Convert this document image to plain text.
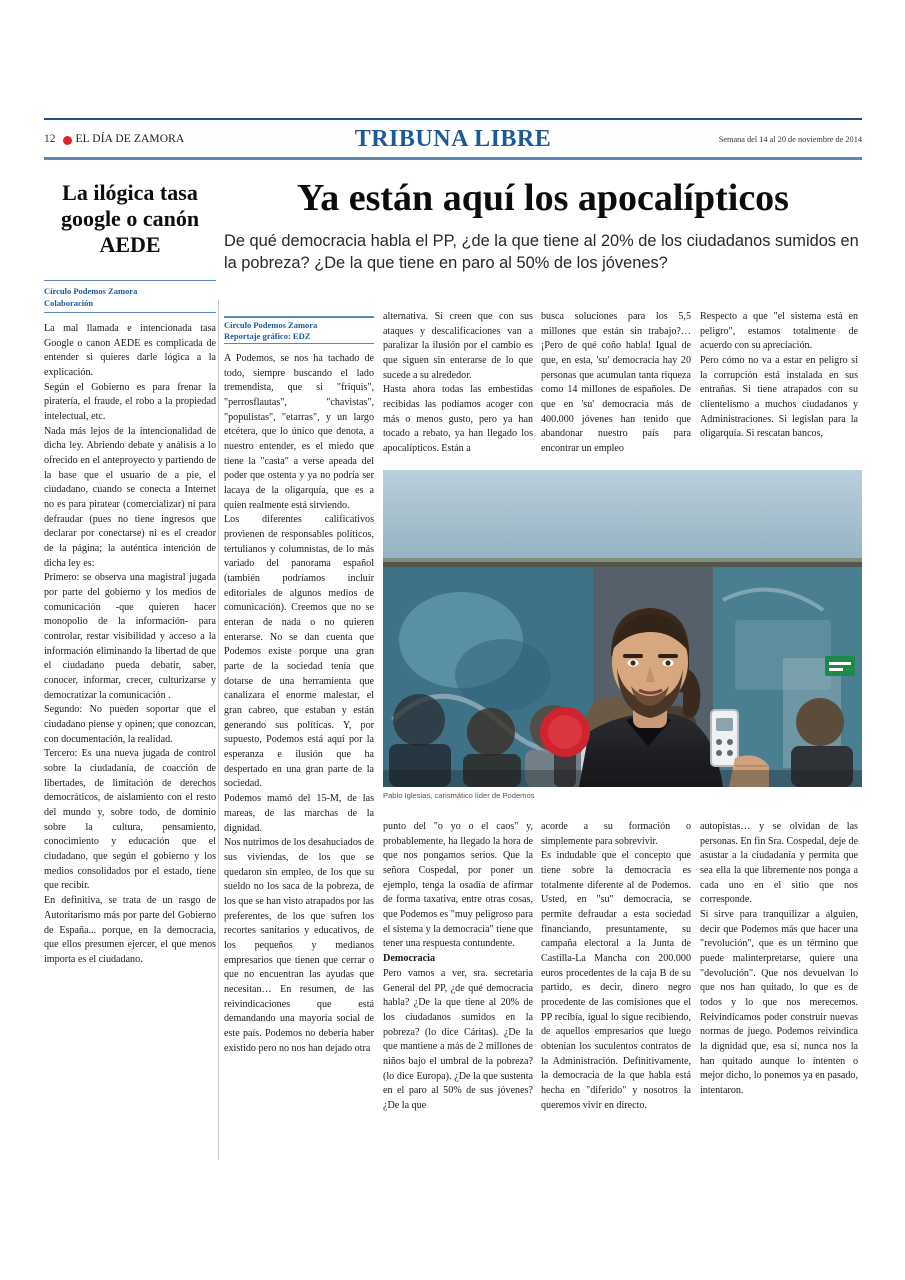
12 EL DÍA DE ZAMORA	TRIBUNA LIBRE	Semana del 14 al 20 de noviembre de 2014
La ilógica tasa google o canón AEDE
Círculo Podemos Zamora
Colaboración

La mal llamada e intencionada tasa Google o canon AEDE es complicada de entender si quieres darle lógica a la explicación.

Según el Gobierno es para frenar la piratería, el fraude, el robo a la propiedad intelectual, etc.

Nada más lejos de la intencionalidad de dicha ley. Abriendo debate y análisis a lo ofrecido en el anteproyecto y partiendo de la base que el usuario de a pie, el ciudadano, cuando se conecta a Internet no es para piratear (comercializar) ni para defraudar (pues no tiene ingresos que declarar por conectarse) ni es el creador de la página; la auténtica intención de dicha ley es:

Primero: se observa una magistral jugada por parte del gobierno y los medios de comunicación -que quieren hacer monopolio de la información- para controlar, restar visibilidad y acceso a la información eliminando la libertad de que el ciudadano pueda debatir, saber, conocer, informar, crecer, culturizarse y democratizar la comunicación .

Segundo: No pueden soportar que el ciudadano piense y opinen; que conozcan, con documentación, la realidad.

Tercero: Es una nueva jugada de control sobre la ciudadanía, de coacción de libertades, de limitación de derechos democráticos, de aislamiento con el resto del mundo y, sobre todo, de dominio sobre la cultura, pensamiento, conocimiento y educación que el ciudadano, que según el gobierno y los medios consolidados por el estado, tiene que recibir.

En definitiva, se trata de un rasgo de Autoritarismo más por parte del Gobierno de España... porque, en la democracia, que ellos presumen ejercer, el que menos importa es el ciudadano.

Ya están aquí los apocalípticos

De qué democracia habla el PP, ¿de la que tiene al 20% de los ciudadanos sumidos en la pobreza? ¿De la que tiene en paro al 50% de los jóvenes?

Círculo Podemos Zamora
Reportaje gráfico: EDZ

A Podemos, se nos ha tachado de todo, siempre buscando el lado tremendista, que si "friquis", "perrosflautas", "chavistas", "populistas", "etarras", y un largo etcétera, que lo único que denota, a nuestro entender, es el miedo que tiene la "casta" a verse apeada del poder que ostenta y ya no podría ser lacaya de la oligarquía, que es a quien realmente está sirviendo.

Los diferentes calificativos provienen de responsables políticos, tertulianos y columnistas, de lo más variado del panorama español (también podríamos incluir editoriales de algunos medios de comunicación). Creemos que no se enteran de nada o no quieren enterarse. No se dan cuenta que Podemos existe porque una gran parte de la sociedad tenía que dotarse de una herramienta que canalizara el enorme malestar, el gran cabreo, que estaban y están generando sus políticas. Y, por supuesto, Podemos está aquí por la esperanza e ilusión que ha despertado en una gran parte de la sociedad.

Podemos mamó del 15-M, de las mareas, de las marchas de la dignidad.

Nos nutrimos de los desahuciados de sus viviendas, de los que se quedaron sin empleo, de los que su sueldo no los saca de la pobreza, de los que se han visto atrapados por las preferentes, de los que sufren los recortes sanitarios y educativos, de los pequeños y medianos empresarios que tienen que cerrar o que no encuentran las ayudas que necesitan… En resumen, de las reivindicaciones que está demandando una mayoría social de este país. Podemos no debería haber existido pero no nos han dejado otra

alternativa. Si creen que con sus ataques y descalificaciones van a paralizar la ilusión por el cambio es que siguen sin enterarse de lo que sucede a su alrededor.

Hasta ahora todas las embestidas recibidas las podíamos acoger con más o menos gusto, pero ya han tocado a rebato, ya han llegado los apocalípticos. Están a

busca soluciones para los 5,5 millones que están sin trabajo?… ¡Pero de qué coño habla! Igual de que, en esta, 'su' democracia hay 20 personas que acumulan tanta riqueza como 14 millones de españoles. De que en 'su' democracia más de 400.000 jóvenes han tenido que abandonar nuestro país para encontrar un empleo

Respecto a que "el sistema está en peligro", estamos totalmente de acuerdo con su apreciación.

Pero cómo no va a estar en peligro si la corrupción está instalada en sus entrañas. Si tiene atrapados con su clientelismo a muchos ciudadanos y Administraciones. Si legislan para la oligarquía. Si rescatan bancos,

Pablo Iglesias, carismático líder de Podemos

punto del "o yo o el caos" y, probablemente, ha llegado la hora de que nos pongamos serios. Que la señora Cospedal, por poner un ejemplo, tenga la osadía de afirmar de forma taxativa, entre otras cosas, que Podemos es "muy peligroso para el sistema y la democracia" tiene que tener una respuesta contundente.

Democracia

Pero vamos a ver, sra. secretaria General del PP, ¿de qué democracia habla? ¿De la que tiene al 20% de los ciudadanos sumidos en la pobreza? (lo dice Cáritas). ¿De la que mantiene a más de 2 millones de niños bajo el umbral de la pobreza? (lo dice Europa). ¿De la que sustenta en el paro al 50% de sus jóvenes? ¿De la que

acorde a su formación o simplemente para sobrevivir.

Es indudable que el concepto que tiene sobre la democracia es totalmente diferente al de Podemos. Usted, en "su" democracia, se permite defraudar a esta sociedad financiando, presuntamente, su campaña electoral a la Junta de Castilla-La Mancha con 200.000 euros procedentes de la caja B de su partido, es decir, dinero negro procedente de las comisiones que el PP recibía, igual lo sigue recibiendo, de aquellos empresarios que luego obtenían los suculentos contratos de la Administración. Definitivamente, la democracia de la que habla está hecha en "diferido" y nosotros la queremos vivir en directo.

autopistas… y se olvidan de las personas. En fin Sra. Cospedal, deje de asustar a la ciudadanía y permita que sea ella la que libremente nos ponga a cada uno en el sitio que nos corresponde.

Si sirve para tranquilizar a alguien, decir que Podemos más que hacer una "revolución", que es un término que puede malinterpretarse, quiere una "devolución". Que nos devuelvan lo que nos han quitado, lo que es de todos y lo que nos merecemos. Reivindicamos poder construir nuevas normas de juego. Podemos reivindica la dignidad que, esa sí, nunca nos la han quitado aunque lo intenten o mejor dicho, lo ponemos ya en pasado, intentaron.
